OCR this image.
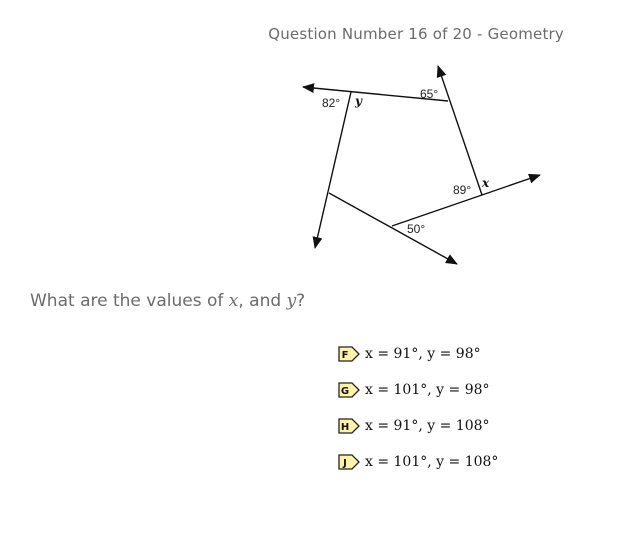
Question Number 16 of 20 - Geometry
82° y	65°
89° x
50°
What are the values of x, and y?
F x = 91°, y = 98°
G x = 101°, y = 98°
H x = 91°, y = 108°
J x = 101°, y = 108°
